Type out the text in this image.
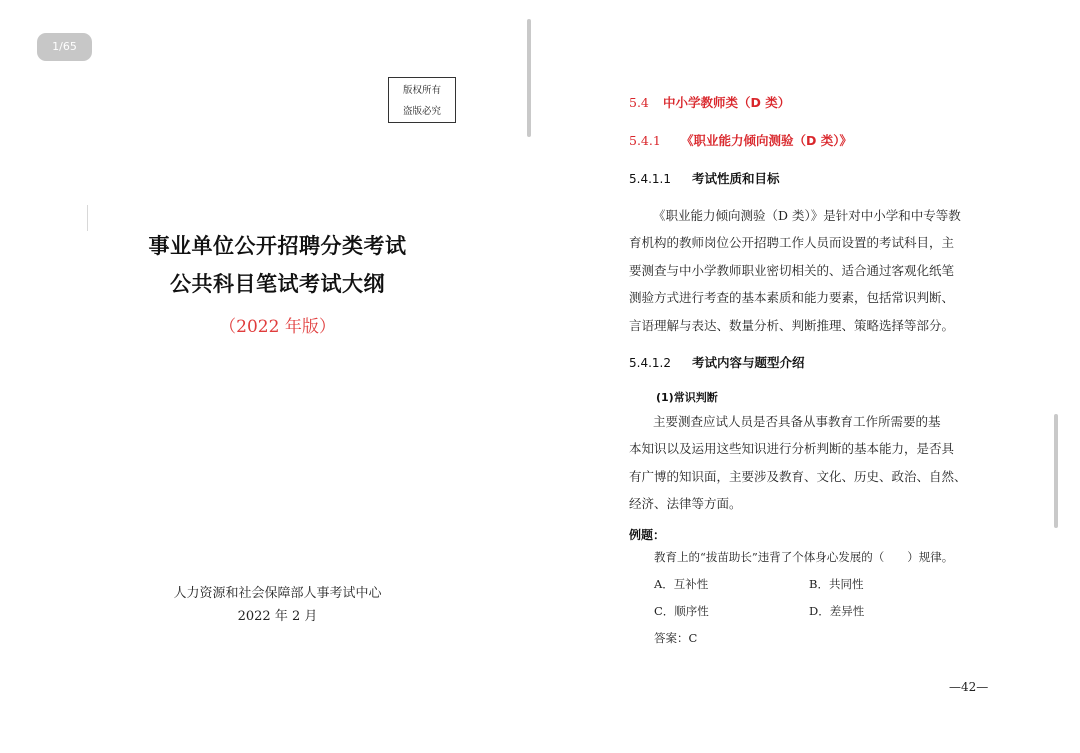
1/65
版权所有
盗版必究
事业单位公开招聘分类考试
公共科目笔试考试大纲
（2022 年版）
人力资源和社会保障部人事考试中心
2022 年 2 月
5.4 中小学教师类（D 类）
5.4.1 《职业能力倾向测验（D 类）》
5.4.1.1 考试性质和目标
《职业能力倾向测验（D 类）》是针对中小学和中专等教
育机构的教师岗位公开招聘工作人员而设置的考试科目，主
要测查与中小学教师职业密切相关的、适合通过客观化纸笔
测验方式进行考查的基本素质和能力要素，包括常识判断、
言语理解与表达、数量分析、判断推理、策略选择等部分。
5.4.1.2 考试内容与题型介绍
(1)常识判断
主要测查应试人员是否具备从事教育工作所需要的基
本知识以及运用这些知识进行分析判断的基本能力，是否具
有广博的知识面，主要涉及教育、文化、历史、政治、自然、
经济、法律等方面。
例题：
教育上的“拔苗助长”违背了个体身心发展的（　　）规律。
A．互补性	B．共同性
C．顺序性	D．差异性
答案：C
—42—
